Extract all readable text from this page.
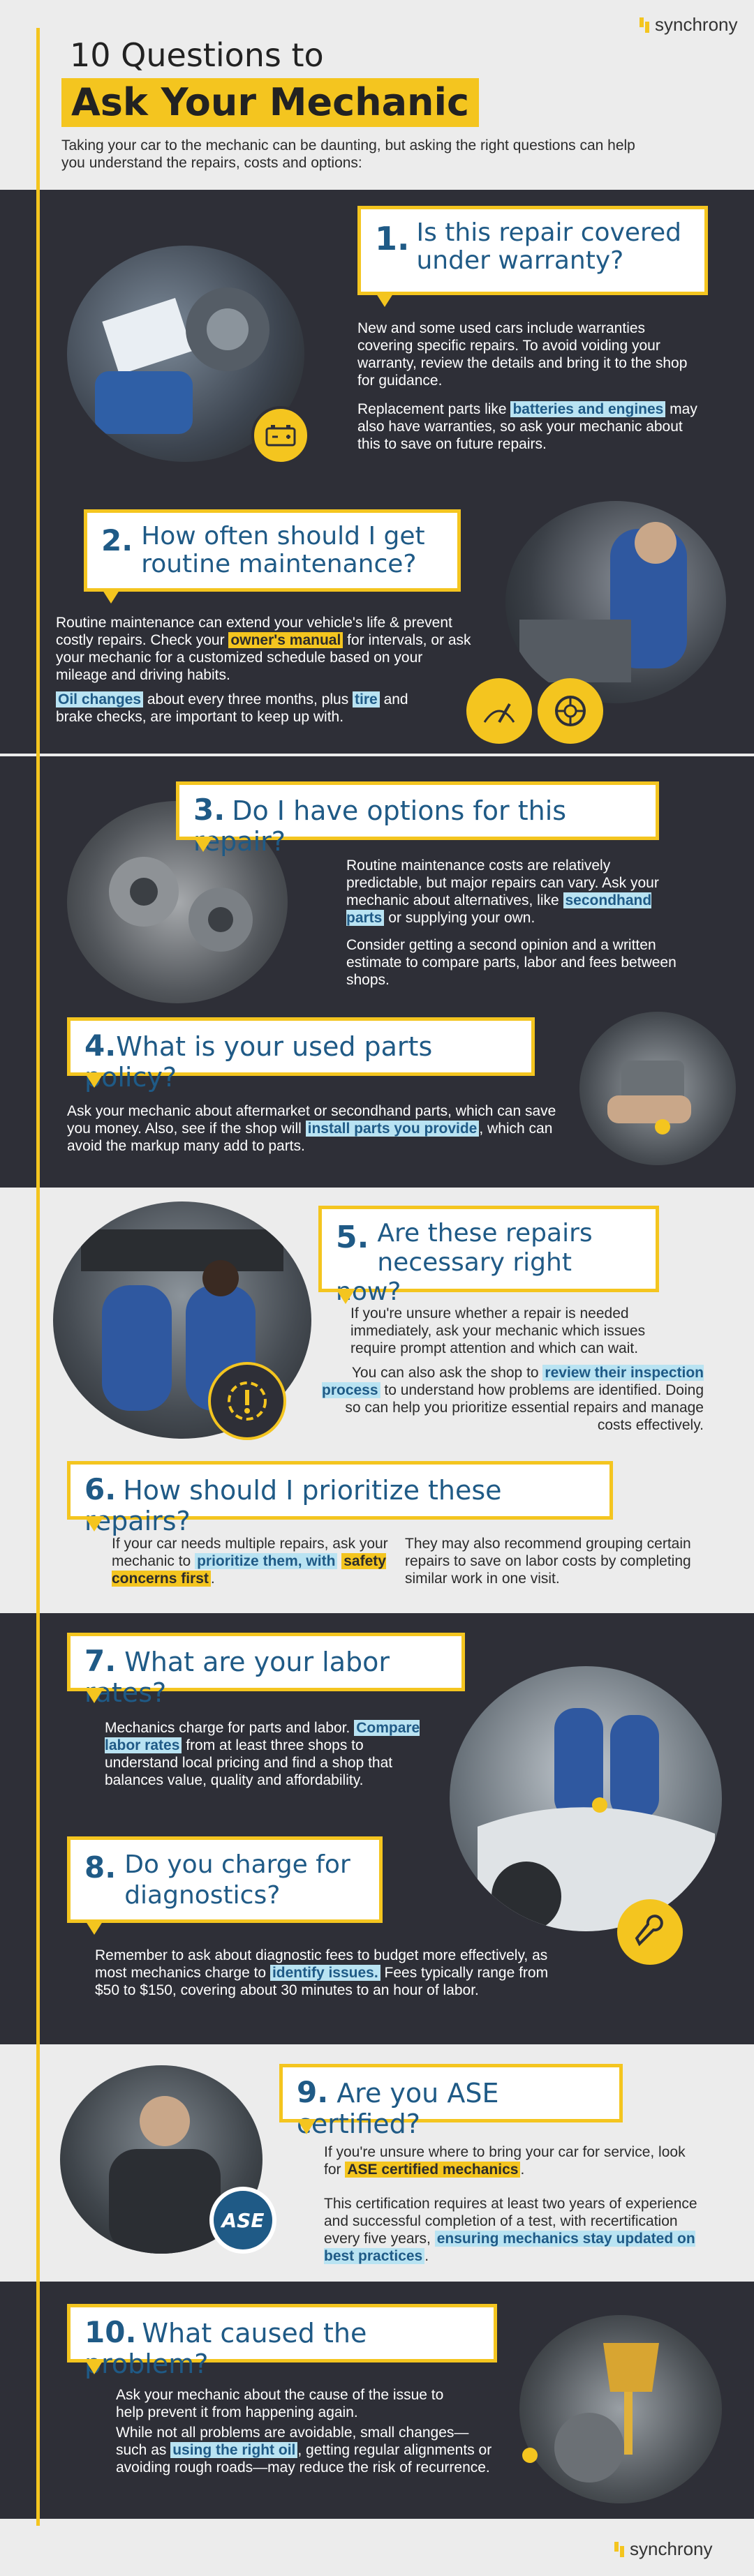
synchrony
10 Questions to
Ask Your Mechanic
Taking your car to the mechanic can be daunting, but asking the right questions can help you understand the repairs, costs and options:
1. Is this repair covered under warranty?
New and some used cars include warranties covering specific repairs. To avoid voiding your warranty, review the details and bring it to the shop for guidance.
Replacement parts like batteries and engines may also have warranties, so ask your mechanic about this to save on future repairs.
2. How often should I get routine maintenance?
Routine maintenance can extend your vehicle's life & prevent costly repairs. Check your owner's manual for intervals, or ask your mechanic for a customized schedule based on your mileage and driving habits.
Oil changes about every three months, plus tire and brake checks, are important to keep up with.
3. Do I have options for this repair?
Routine maintenance costs are relatively predictable, but major repairs can vary. Ask your mechanic about alternatives, like secondhand parts or supplying your own.
Consider getting a second opinion and a written estimate to compare parts, labor and fees between shops.
4.What is your used parts policy?
Ask your mechanic about aftermarket or secondhand parts, which can save you money. Also, see if the shop will install parts you provide , which can avoid the markup many add to parts.
5. Are these repairs necessary right now?
If you're unsure whether a repair is needed immediately, ask your mechanic which issues require prompt attention and which can wait.
You can also ask the shop to review their inspection process to understand how problems are identified. Doing so can help you prioritize essential repairs and manage costs effectively.
6. How should I prioritize these repairs?
If your car needs multiple repairs, ask your mechanic to prioritize them, with safety concerns first .
They may also recommend grouping certain repairs to save on labor costs by completing similar work in one visit.
7. What are your labor rates?
Mechanics charge for parts and labor. Compare labor rates from at least three shops to understand local pricing and find a shop that balances value, quality and affordability.
8. Do you charge for diagnostics?
Remember to ask about diagnostic fees to budget more effectively, as most mechanics charge to identify issues. Fees typically range from $50 to $150, covering about 30 minutes to an hour of labor.
ASE
9. Are you ASE certified?
If you're unsure where to bring your car for service, look for ASE certified mechanics .
This certification requires at least two years of experience and successful completion of a test, with recertification every five years, ensuring mechanics stay updated on best practices .
10. What caused the problem?
Ask your mechanic about the cause of the issue to help prevent it from happening again.
While not all problems are avoidable, small changes—such as using the right oil , getting regular alignments or avoiding rough roads—may reduce the risk of recurrence.
synchrony
